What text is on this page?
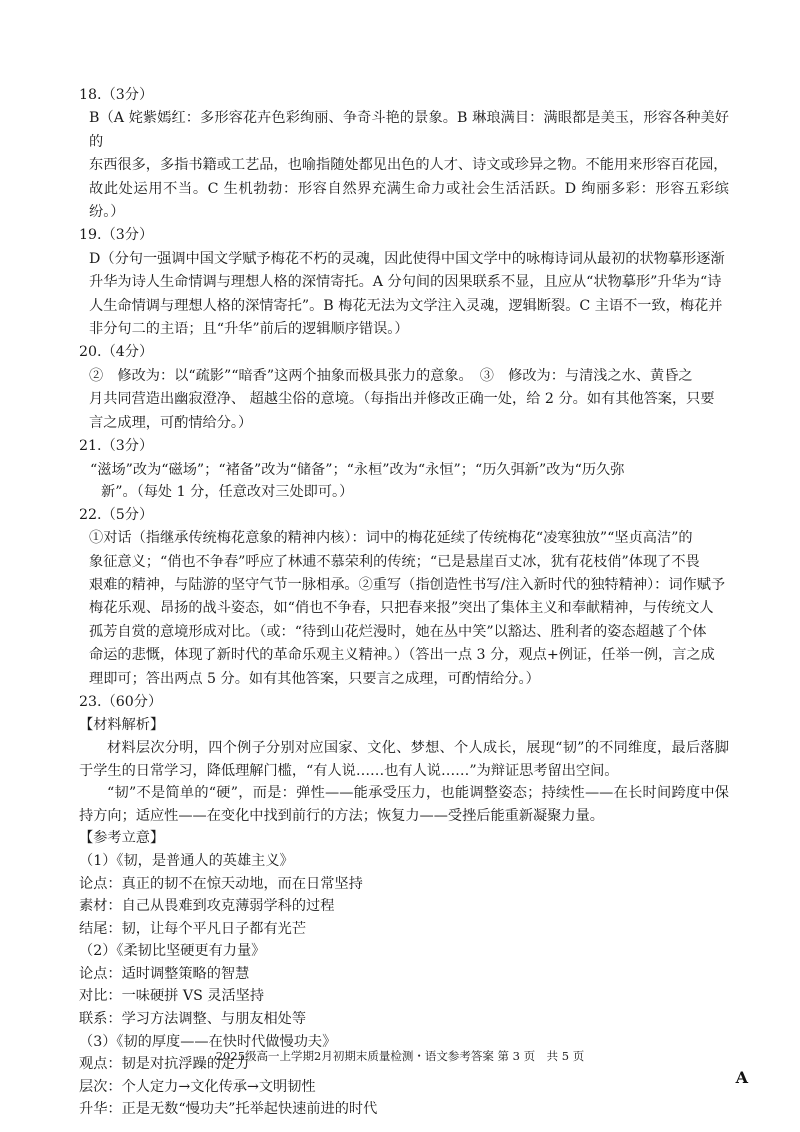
18.（3分）
B（A 姹紫嫣红：多形容花卉色彩绚丽、争奇斗艳的景象。B 琳琅满目：满眼都是美玉，形容各种美好的
东西很多，多指书籍或工艺品，也喻指随处都见出色的人才、诗文或珍异之物。不能用来形容百花园，
故此处运用不当。C 生机勃勃：形容自然界充满生命力或社会生活活跃。D 绚丽多彩：形容五彩缤纷。）
19.（3分）
D（分句一强调中国文学赋予梅花不朽的灵魂，因此使得中国文学中的咏梅诗词从最初的状物摹形逐渐
升华为诗人生命情调与理想人格的深情寄托。A 分句间的因果联系不显，且应从“状物摹形”升华为“诗
人生命情调与理想人格的深情寄托”。B 梅花无法为文学注入灵魂，逻辑断裂。C 主语不一致，梅花并
非分句二的主语；且“升华”前后的逻辑顺序错误。）
20.（4分）
②　修改为：以“疏影”“暗香”这两个抽象而极具张力的意象。　③　修改为：与清浅之水、黄昏之
月共同营造出幽寂澄净、 超越尘俗的意境。（每指出并修改正确一处，给 2 分。如有其他答案，只要
言之成理，可酌情给分。）
21.（3分）
“滋场”改为“磁场”；“褚备”改为“储备”；“永桓”改为“永恒”；“历久弭新”改为“历久弥
新”。（每处 1 分，任意改对三处即可。）
22.（5分）
①对话（指继承传统梅花意象的精神内核）：词中的梅花延续了传统梅花“凌寒独放”“坚贞高洁”的
象征意义；“俏也不争春”呼应了林逋不慕荣利的传统；“已是悬崖百丈冰，犹有花枝俏”体现了不畏
艰难的精神，与陆游的坚守气节一脉相承。②重写（指创造性书写/注入新时代的独特精神）：词作赋予
梅花乐观、昂扬的战斗姿态，如“俏也不争春，只把春来报”突出了集体主义和奉献精神，与传统文人
孤芳自赏的意境形成对比。（或：“待到山花烂漫时，她在丛中笑”以豁达、胜利者的姿态超越了个体
命运的悲慨，体现了新时代的革命乐观主义精神。）（答出一点 3 分，观点+例证，任举一例，言之成
理即可；答出两点 5 分。如有其他答案，只要言之成理，可酌情给分。）
23.（60分）
【材料解析】
材料层次分明，四个例子分别对应国家、文化、梦想、个人成长，展现“韧”的不同维度，最后落脚于学生的日常学习，降低理解门槛，“有人说……也有人说……”为辩证思考留出空间。
“韧”不是简单的“硬”，而是：弹性——能承受压力，也能调整姿态；持续性——在长时间跨度中保持方向；适应性——在变化中找到前行的方法；恢复力——受挫后能重新凝聚力量。
【参考立意】
（1）《韧，是普通人的英雄主义》
论点：真正的韧不在惊天动地，而在日常坚持
素材：自己从畏难到攻克薄弱学科的过程
结尾：韧，让每个平凡日子都有光芒
（2）《柔韧比坚硬更有力量》
论点：适时调整策略的智慧
对比：一味硬拼 VS 灵活坚持
联系：学习方法调整、与朋友相处等
（3）《韧的厚度——在快时代做慢功夫》
观点：韧是对抗浮躁的定力
层次：个人定力→文化传承→文明韧性
升华：正是无数“慢功夫”托举起快速前进的时代
2025级高一上学期2月初期末质量检测・语文参考答案 第 3 页　共 5 页
A
